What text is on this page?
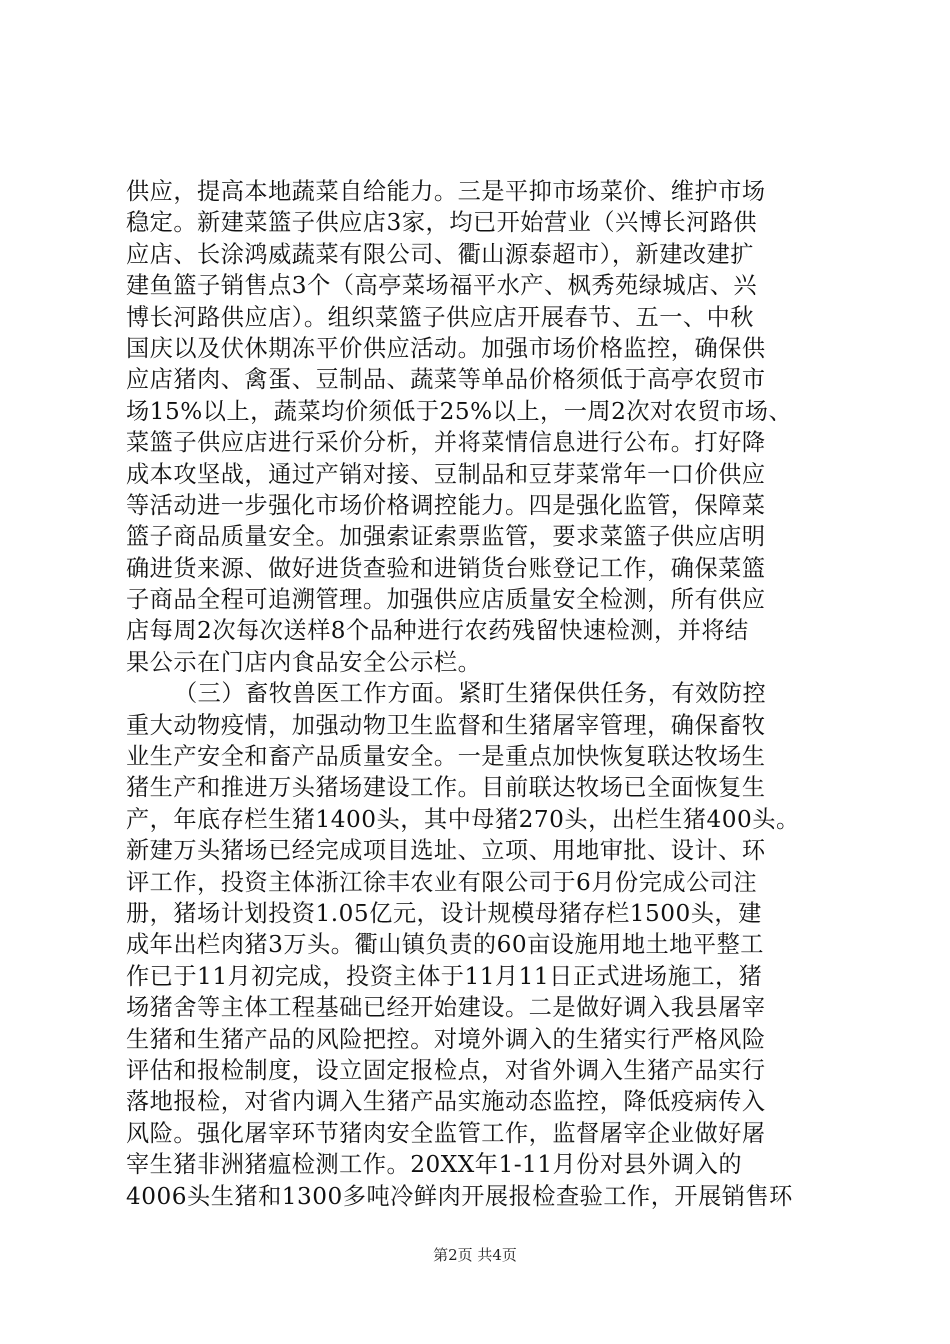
供应，提高本地蔬菜自给能力。三是平抑市场菜价、维护市场
稳定。新建菜篮子供应店3家，均已开始营业（兴博长河路供
应店、长涂鸿威蔬菜有限公司、衢山源泰超市），新建改建扩
建鱼篮子销售点3个（高亭菜场福平水产、枫秀苑绿城店、兴
博长河路供应店）。组织菜篮子供应店开展春节、五一、中秋
国庆以及伏休期冻平价供应活动。加强市场价格监控，确保供
应店猪肉、禽蛋、豆制品、蔬菜等单品价格须低于高亭农贸市
场15%以上，蔬菜均价须低于25%以上，一周2次对农贸市场、
菜篮子供应店进行采价分析，并将菜情信息进行公布。打好降
成本攻坚战，通过产销对接、豆制品和豆芽菜常年一口价供应
等活动进一步强化市场价格调控能力。四是强化监管，保障菜
篮子商品质量安全。加强索证索票监管，要求菜篮子供应店明
确进货来源、做好进货查验和进销货台账登记工作，确保菜篮
子商品全程可追溯管理。加强供应店质量安全检测，所有供应
店每周2次每次送样8个品种进行农药残留快速检测，并将结
果公示在门店内食品安全公示栏。
（三）畜牧兽医工作方面。紧盯生猪保供任务，有效防控
重大动物疫情，加强动物卫生监督和生猪屠宰管理，确保畜牧
业生产安全和畜产品质量安全。一是重点加快恢复联达牧场生
猪生产和推进万头猪场建设工作。目前联达牧场已全面恢复生
产，年底存栏生猪1400头，其中母猪270头，出栏生猪400头。
新建万头猪场已经完成项目选址、立项、用地审批、设计、环
评工作，投资主体浙江徐丰农业有限公司于6月份完成公司注
册，猪场计划投资1.05亿元，设计规模母猪存栏1500头，建
成年出栏肉猪3万头。衢山镇负责的60亩设施用地土地平整工
作已于11月初完成，投资主体于11月11日正式进场施工，猪
场猪舍等主体工程基础已经开始建设。二是做好调入我县屠宰
生猪和生猪产品的风险把控。对境外调入的生猪实行严格风险
评估和报检制度，设立固定报检点，对省外调入生猪产品实行
落地报检，对省内调入生猪产品实施动态监控，降低疫病传入
风险。强化屠宰环节猪肉安全监管工作，监督屠宰企业做好屠
宰生猪非洲猪瘟检测工作。20XX年1-11月份对县外调入的
4006头生猪和1300多吨冷鲜肉开展报检查验工作，开展销售环
第2页 共4页
